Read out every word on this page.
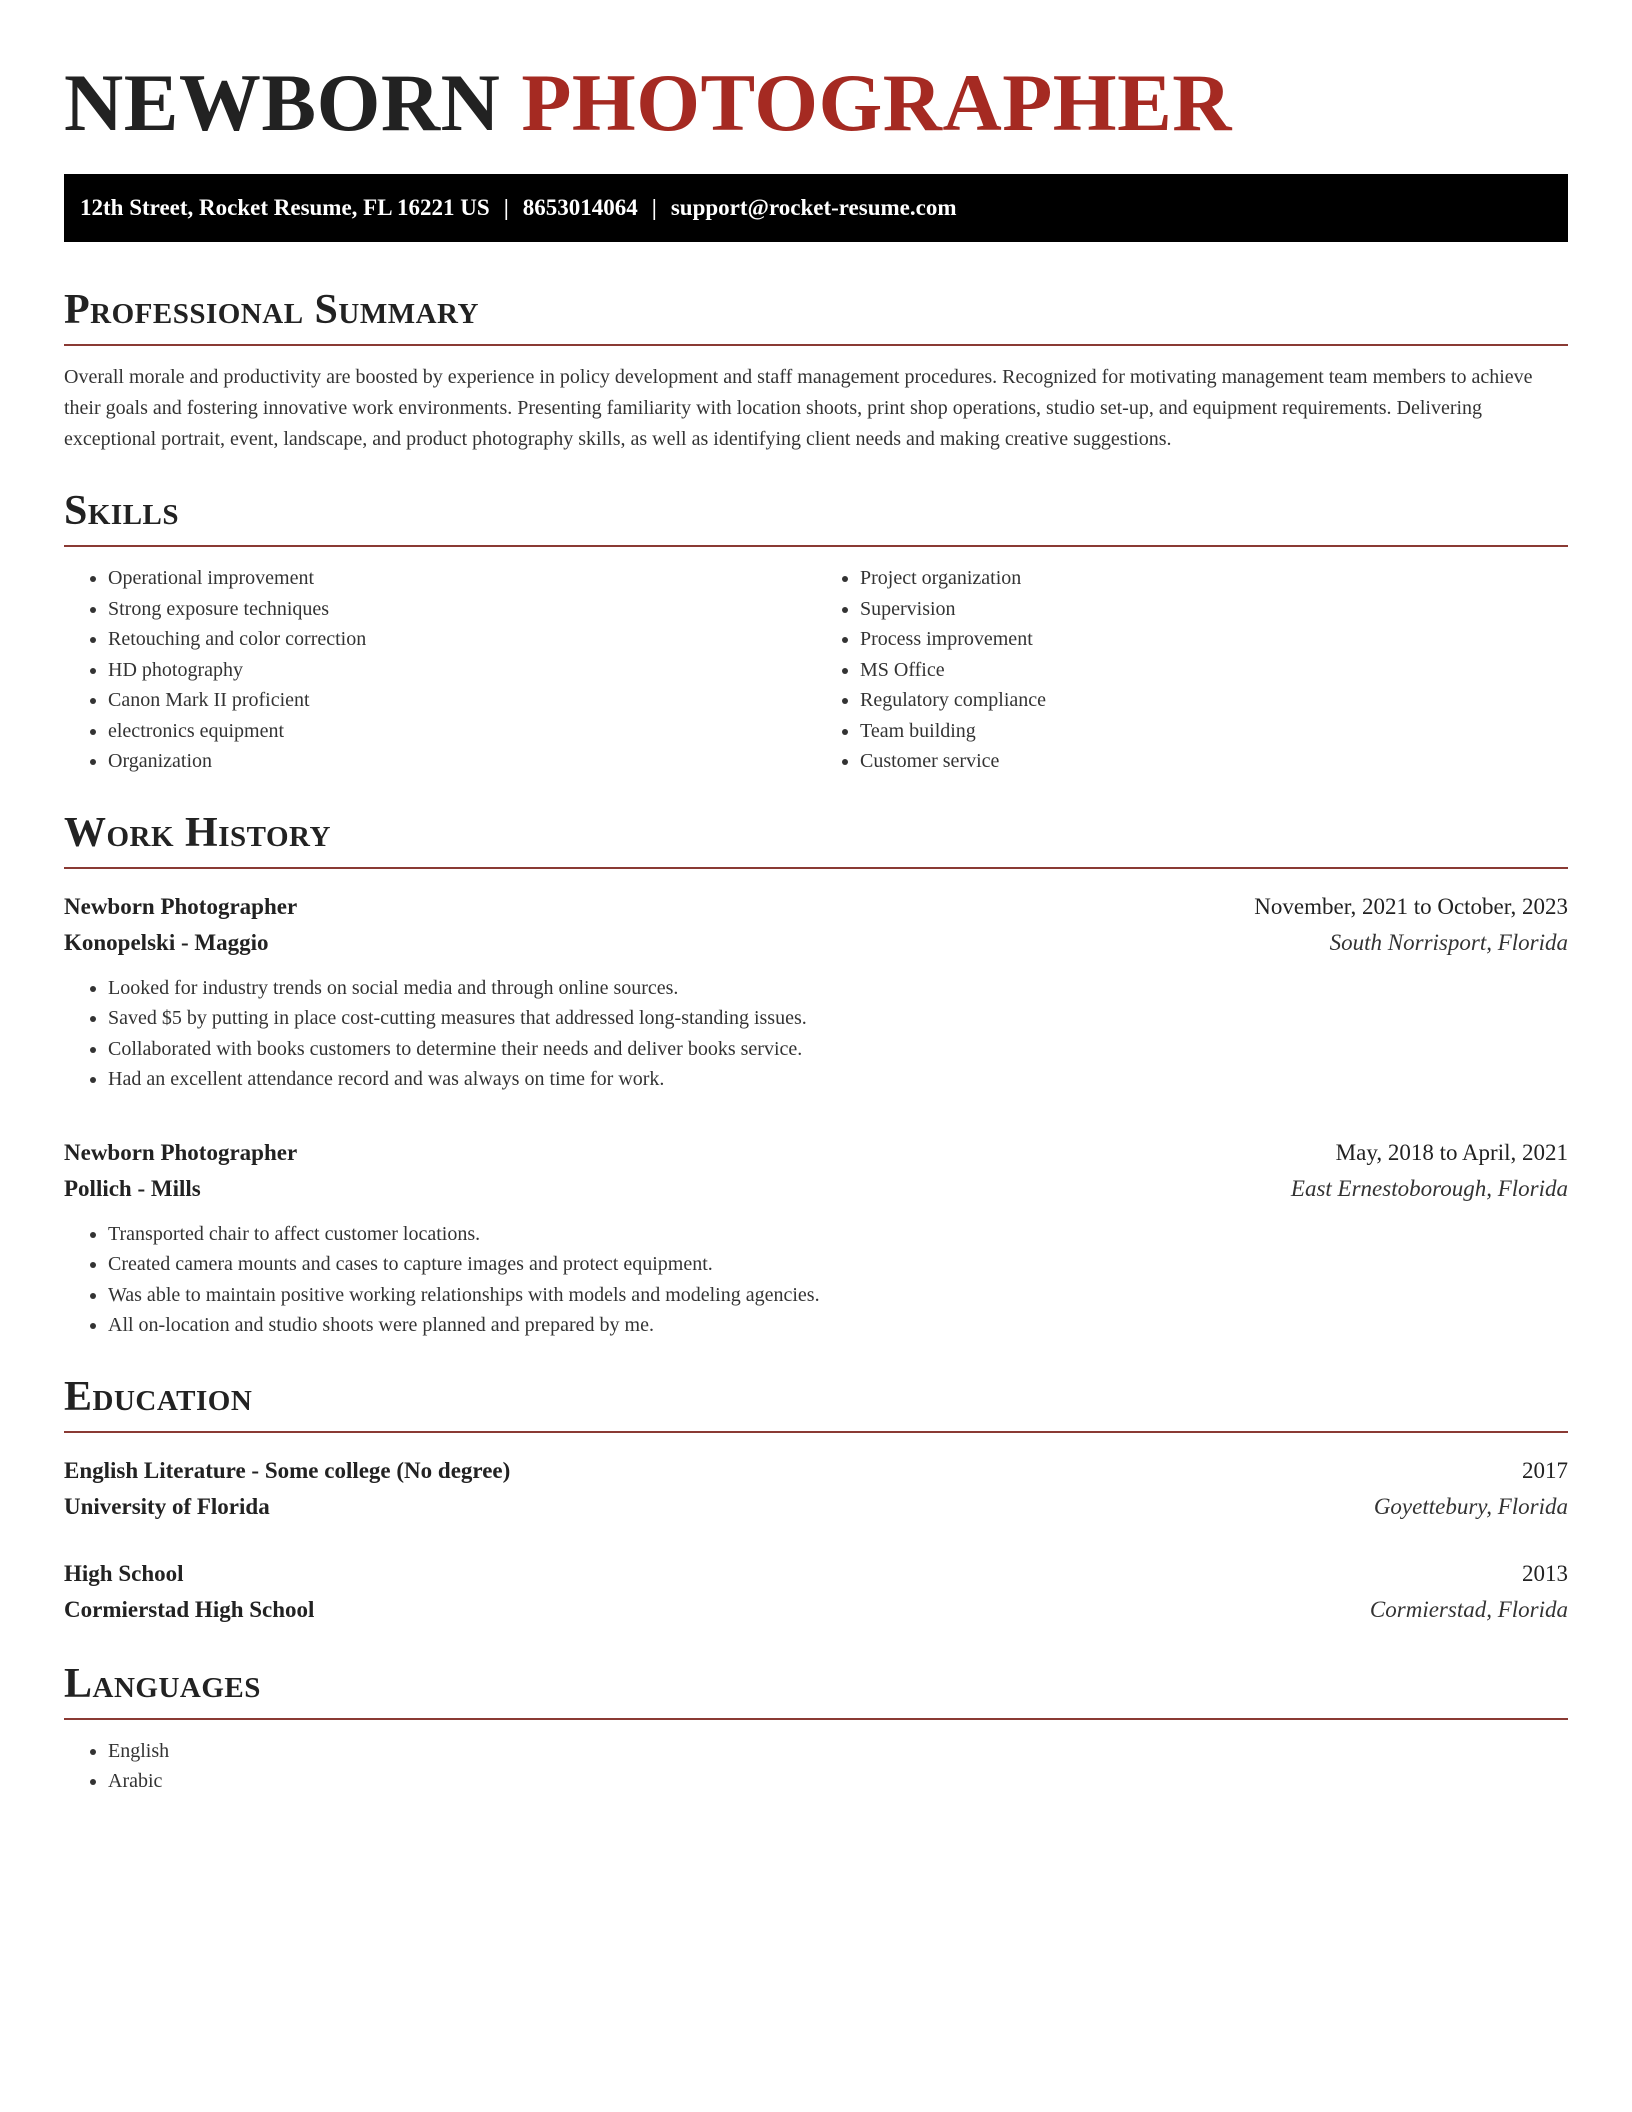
NEWBORN PHOTOGRAPHER
12th Street, Rocket Resume, FL 16221 US | 8653014064 | support@rocket-resume.com
Professional Summary

Overall morale and productivity are boosted by experience in policy development and staff management procedures. Recognized for motivating management team members to achieve their goals and fostering innovative work environments. Presenting familiarity with location shoots, print shop operations, studio set-up, and equipment requirements. Delivering exceptional portrait, event, landscape, and product photography skills, as well as identifying client needs and making creative suggestions.

Skills
• Operational improvement
• Strong exposure techniques
• Retouching and color correction
• HD photography
• Canon Mark II proficient
• electronics equipment
• Organization
• Project organization
• Supervision
• Process improvement
• MS Office
• Regulatory compliance
• Team building
• Customer service
Work History
Newborn Photographer	November, 2021 to October, 2023
Konopelski - Maggio	South Norrisport, Florida
• Looked for industry trends on social media and through online sources.
• Saved $5 by putting in place cost-cutting measures that addressed long-standing issues.
• Collaborated with books customers to determine their needs and deliver books service.
• Had an excellent attendance record and was always on time for work.
Newborn Photographer	May, 2018 to April, 2021
Pollich - Mills	East Ernestoborough, Florida
• Transported chair to affect customer locations.
• Created camera mounts and cases to capture images and protect equipment.
• Was able to maintain positive working relationships with models and modeling agencies.
• All on-location and studio shoots were planned and prepared by me.
Education
English Literature - Some college (No degree)	2017
University of Florida	Goyettebury, Florida
High School	2013
Cormierstad High School	Cormierstad, Florida
Languages
• English
• Arabic
